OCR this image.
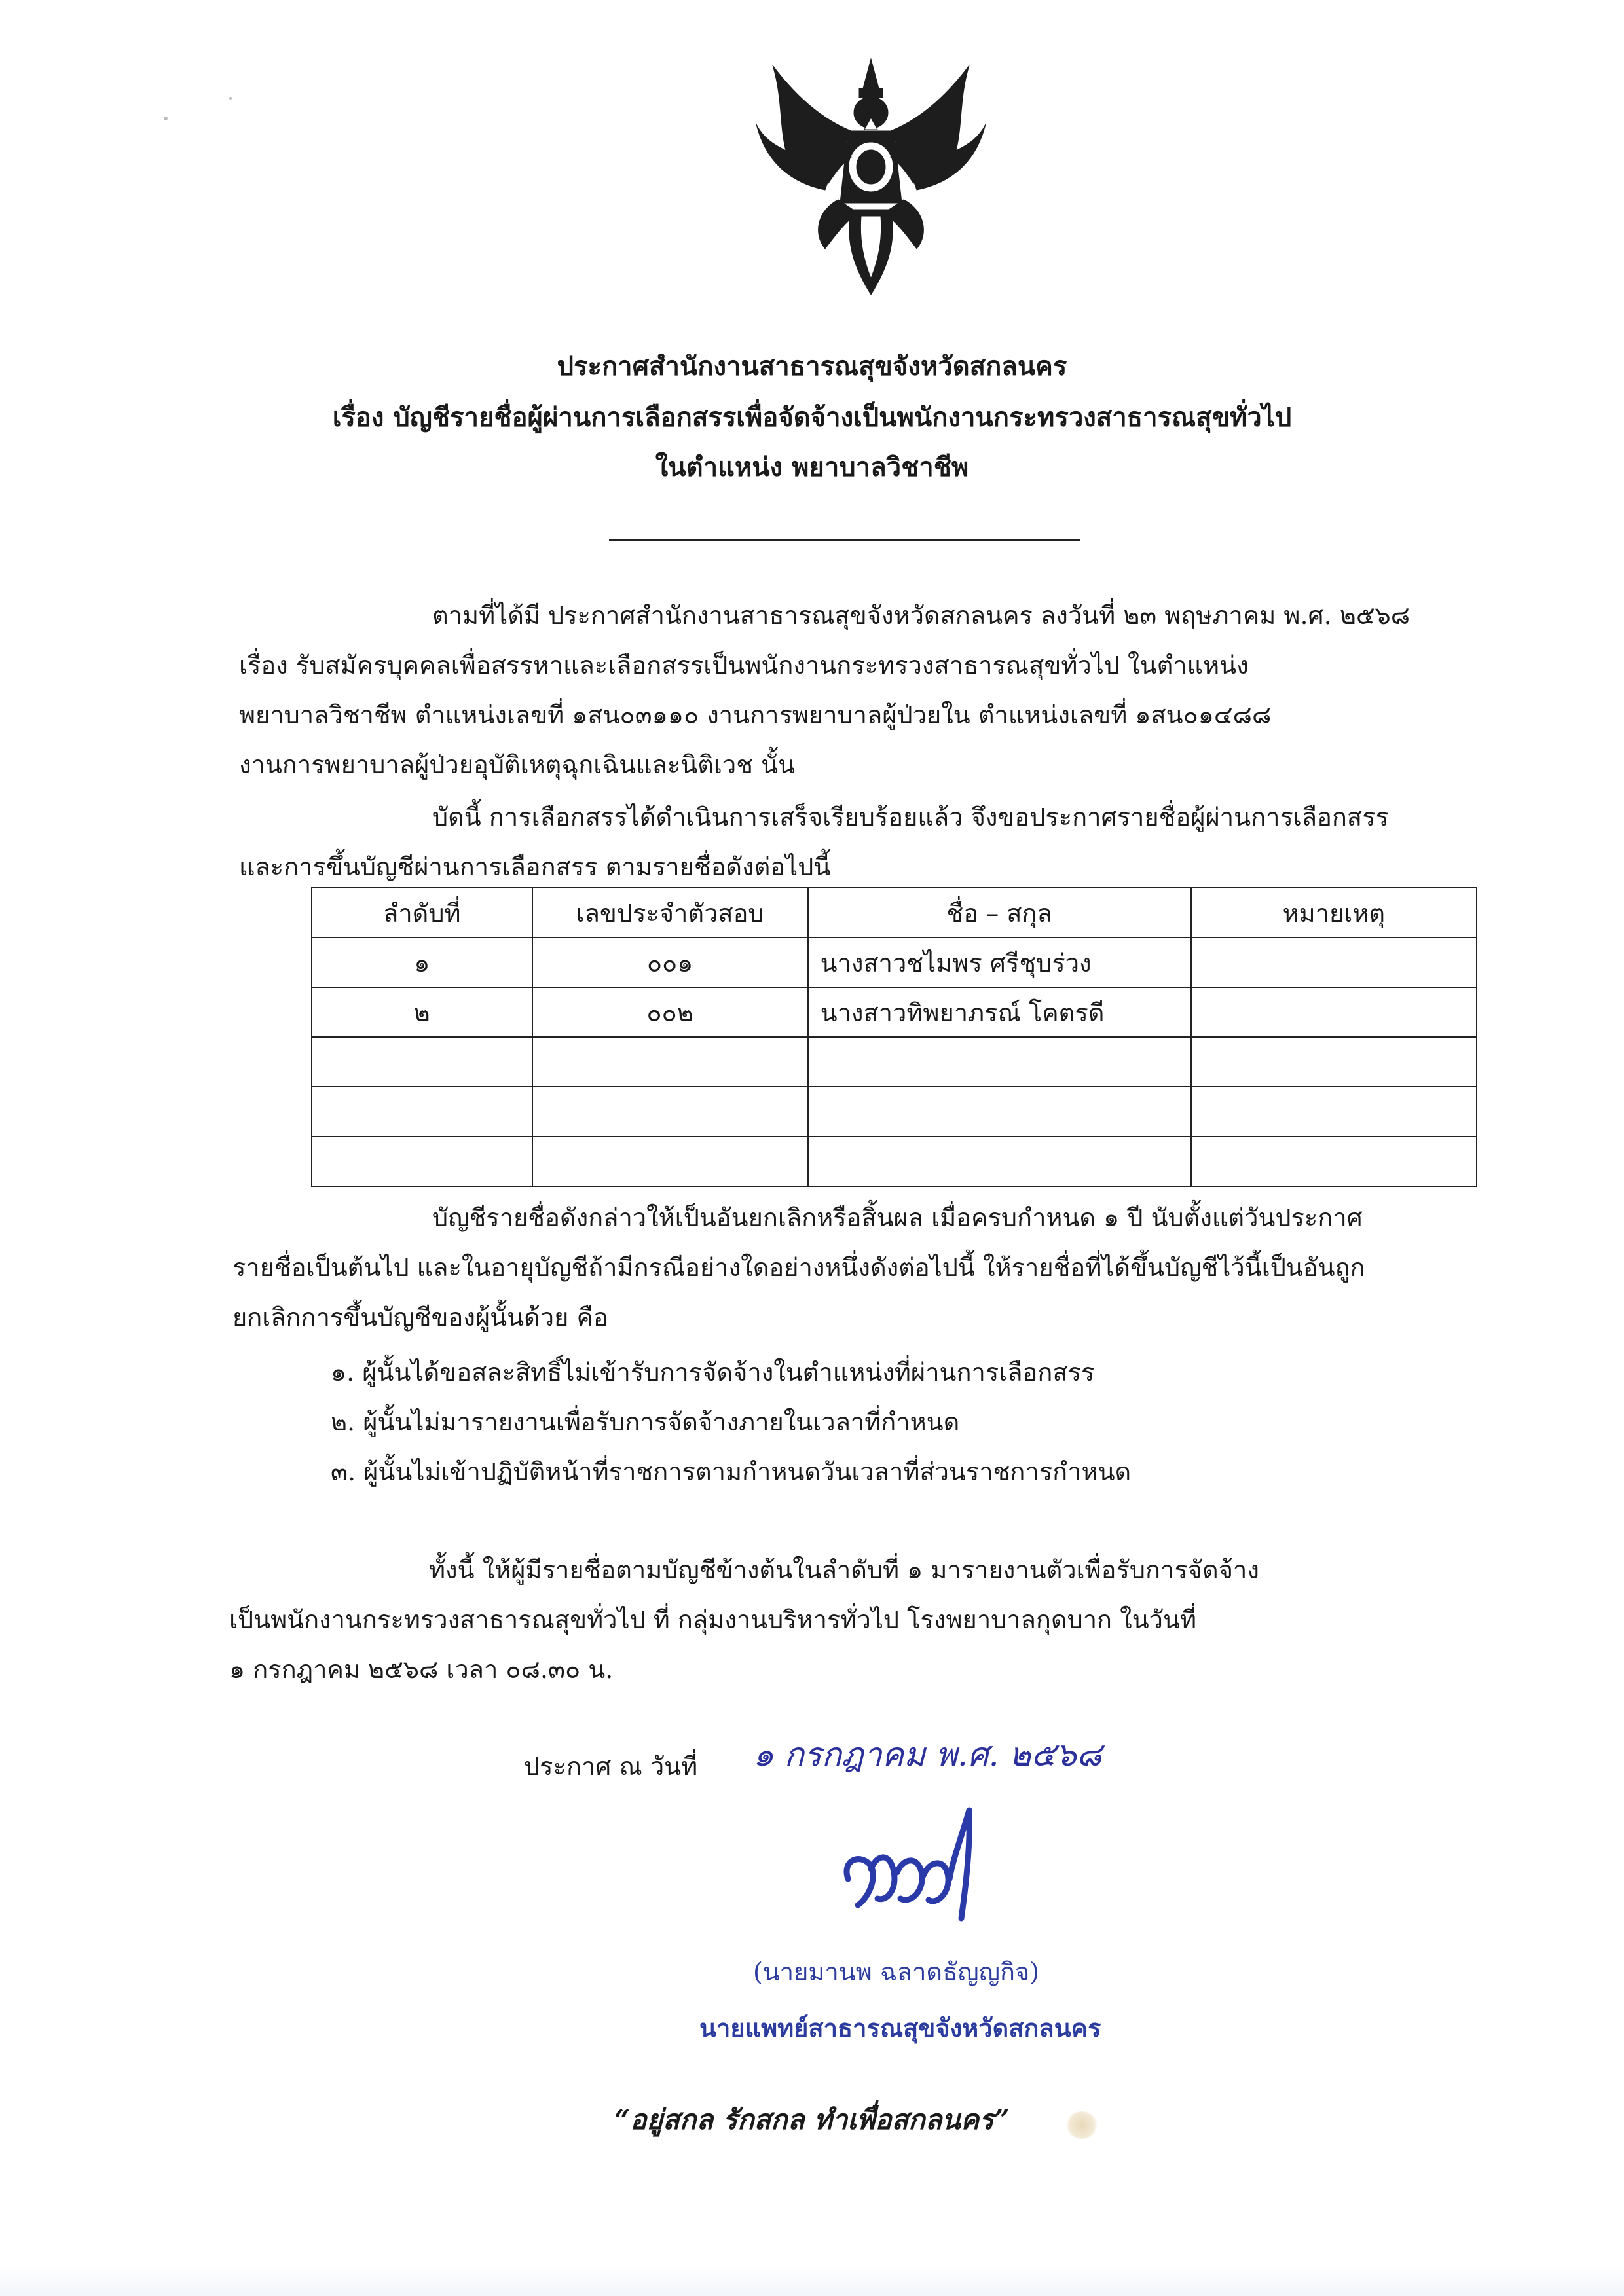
ประกาศสำนักงานสาธารณสุขจังหวัดสกลนคร
เรื่อง บัญชีรายชื่อผู้ผ่านการเลือกสรรเพื่อจัดจ้างเป็นพนักงานกระทรวงสาธารณสุขทั่วไป
ในตำแหน่ง พยาบาลวิชาชีพ
ตามที่ได้มี ประกาศสำนักงานสาธารณสุขจังหวัดสกลนคร ลงวันที่ ๒๓ พฤษภาคม พ.ศ. ๒๕๖๘
เรื่อง รับสมัครบุคคลเพื่อสรรหาและเลือกสรรเป็นพนักงานกระทรวงสาธารณสุขทั่วไป ในตำแหน่ง
พยาบาลวิชาชีพ ตำแหน่งเลขที่ ๑สน๐๓๑๑๐ งานการพยาบาลผู้ป่วยใน ตำแหน่งเลขที่ ๑สน๐๑๔๘๘
งานการพยาบาลผู้ป่วยอุบัติเหตุฉุกเฉินและนิติเวช นั้น
บัดนี้ การเลือกสรรได้ดำเนินการเสร็จเรียบร้อยแล้ว จึงขอประกาศรายชื่อผู้ผ่านการเลือกสรร
และการขึ้นบัญชีผ่านการเลือกสรร ตามรายชื่อดังต่อไปนี้
ลำดับที่	เลขประจำตัวสอบ	ชื่อ – สกุล	หมายเหตุ
๑	๐๐๑	นางสาวชไมพร ศรีชุบร่วง	
๒	๐๐๒	นางสาวทิพยาภรณ์ โคตรดี	

บัญชีรายชื่อดังกล่าวให้เป็นอันยกเลิกหรือสิ้นผล เมื่อครบกำหนด ๑ ปี นับตั้งแต่วันประกาศ
รายชื่อเป็นต้นไป และในอายุบัญชีถ้ามีกรณีอย่างใดอย่างหนึ่งดังต่อไปนี้ ให้รายชื่อที่ได้ขึ้นบัญชีไว้นี้เป็นอันถูก
ยกเลิกการขึ้นบัญชีของผู้นั้นด้วย คือ
๑. ผู้นั้นได้ขอสละสิทธิ์ไม่เข้ารับการจัดจ้างในตำแหน่งที่ผ่านการเลือกสรร
๒. ผู้นั้นไม่มารายงานเพื่อรับการจัดจ้างภายในเวลาที่กำหนด
๓. ผู้นั้นไม่เข้าปฏิบัติหน้าที่ราชการตามกำหนดวันเวลาที่ส่วนราชการกำหนด
ทั้งนี้ ให้ผู้มีรายชื่อตามบัญชีข้างต้นในลำดับที่ ๑ มารายงานตัวเพื่อรับการจัดจ้าง
เป็นพนักงานกระทรวงสาธารณสุขทั่วไป ที่ กลุ่มงานบริหารทั่วไป โรงพยาบาลกุดบาก ในวันที่
๑ กรกฎาคม ๒๕๖๘ เวลา ๐๘.๓๐ น.
ประกาศ ณ วันที่ ๑ กรกฎาคม พ.ศ. ๒๕๖๘
(นายมานพ ฉลาดธัญญกิจ)
นายแพทย์สาธารณสุขจังหวัดสกลนคร
“อยู่สกล รักสกล ทำเพื่อสกลนคร”
